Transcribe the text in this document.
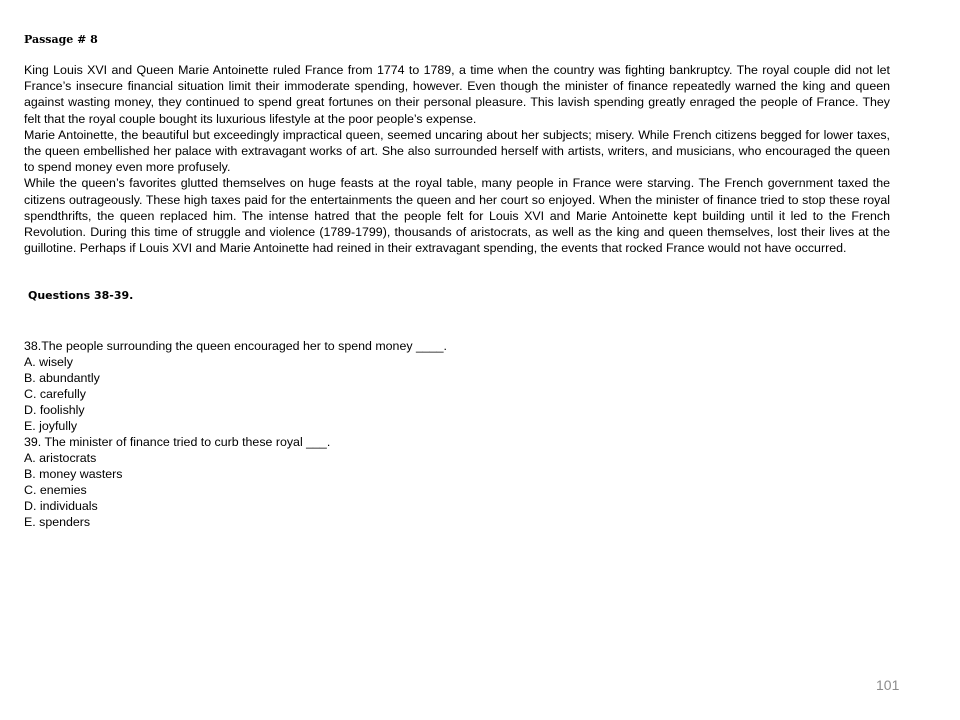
Passage # 8

King Louis XVI and Queen Marie Antoinette ruled France from 1774 to 1789, a time when the country was fighting bankruptcy. The royal couple did not let France’s insecure financial situation limit their immoderate spending, however. Even though the minister of finance repeatedly warned the king and queen against wasting money, they continued to spend great fortunes on their personal pleasure. This lavish spending greatly enraged the people of France. They felt that the royal couple bought its luxurious lifestyle at the poor people’s expense.

Marie Antoinette, the beautiful but exceedingly impractical queen, seemed uncaring about her subjects; misery. While French citizens begged for lower taxes, the queen embellished her palace with extravagant works of art. She also surrounded herself with artists, writers, and musicians, who encouraged the queen to spend money even more profusely.

While the queen’s favorites glutted themselves on huge feasts at the royal table, many people in France were starving. The French government taxed the citizens outrageously. These high taxes paid for the entertainments the queen and her court so enjoyed. When the minister of finance tried to stop these royal spendthrifts, the queen replaced him. The intense hatred that the people felt for Louis XVI and Marie Antoinette kept building until it led to the French Revolution. During this time of struggle and violence (1789-1799), thousands of aristocrats, as well as the king and queen themselves, lost their lives at the guillotine. Perhaps if Louis XVI and Marie Antoinette had reined in their extravagant spending, the events that rocked France would not have occurred.

Questions 38-39.
38.The people surrounding the queen encouraged her to spend money ____.
A. wisely
B. abundantly
C. carefully
D. foolishly
E. joyfully
39. The minister of finance tried to curb these royal ___.
A. aristocrats
B. money wasters
C. enemies
D. individuals
E. spenders
101
